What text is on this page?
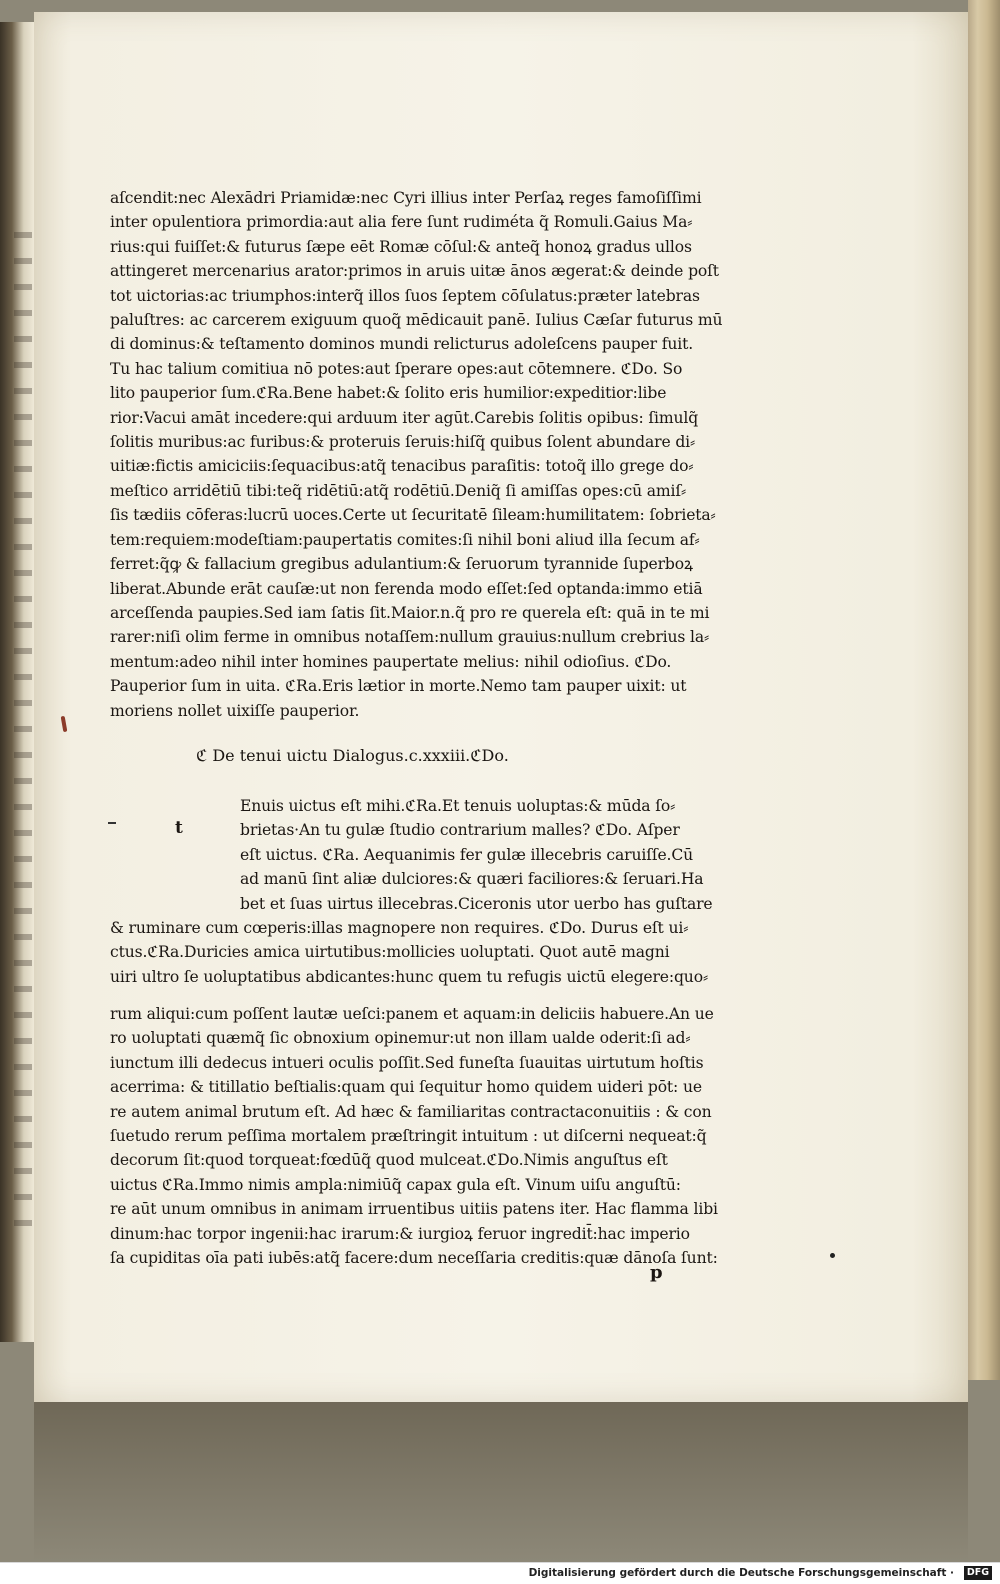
aſcendit:nec Alexādri Priamidæ:nec Cyri illius inter Perſaꝝ reges famoſiſſimi
inter opulentiora primordia:aut alia fere ſunt rudiméta q̃ Romuli.Gaius Ma⸗
rius:qui fuiſſet:& futurus ſæpe eēt Romæ cōſul:& anteq̃ honoꝝ gradus ullos
attingeret mercenarius arator:primos in aruis uitæ ānos ægerat:& deinde poſt
tot uictorias:ac triumphos:interq̃ illos ſuos ſeptem cōſulatus:præter latebras
paluſtres: ac carcerem exiguum quoq̃ mēdicauit panē. Iulius Cæſar futurus mū
di dominus:& teſtamento dominos mundi relicturus adoleſcens pauper fuit.
Tu hac talium comitiua nō potes:aut ſperare opes:aut cōtemnere. ℭDo. So
lito pauperior ſum.ℭRa.Bene habet:& ſolito eris humilior:expeditior:libe
rior:Vacui amāt incedere:qui arduum iter agūt.Carebis ſolitis opibus: ſimulq̃
ſolitis muribus:ac furibus:& proteruis ſeruis:hiſq̃ quibus ſolent abundare di⸗
uitiæ:fictis amiciciis:ſequacibus:atq̃ tenacibus paraſitis: totoq̃ illo grege do⸗
meſtico arridētiū tibi:teq̃ ridētiū:atq̃ rodētiū.Deniq̃ ſi amiſſas opes:cū amiſ⸗
ſis tædiis cōferas:lucrū uoces.Certe ut ſecuritatē ſileam:humilitatem: ſobrieta⸗
tem:requiem:modeſtiam:paupertatis comites:ſi nihil boni aliud illa ſecum af⸗
ferret:q̃ꝙ & fallacium gregibus adulantium:& ſeruorum tyrannide ſuperboꝝ
liberat.Abunde erāt cauſæ:ut non ferenda modo eſſet:ſed optanda:immo etiā
arceſſenda paupies.Sed iam ſatis ſit.Maior.n.q̃ pro re querela eſt: quā in te mi
rarer:niſi olim ferme in omnibus notaſſem:nullum grauius:nullum crebrius la⸗
mentum:adeo nihil inter homines paupertate melius: nihil odioſius. ℭDo.
Pauperior ſum in uita. ℭRa.Eris lætior in morte.Nemo tam pauper uixit: ut
moriens nollet uixiſſe pauperior.
ℭ De tenui uictu Dialogus.c.xxxiii.ℭDo.
t
Enuis uictus eſt mihi.ℭRa.Et tenuis uoluptas:& mūda ſo⸗
brietas·An tu gulæ ſtudio contrarium malles? ℭDo. Aſper
eſt uictus. ℭRa. Aequanimis fer gulæ illecebris caruiſſe.Cū
ad manū ſint aliæ dulciores:& quæri faciliores:& ſeruari.Ha
bet et ſuas uirtus illecebras.Ciceronis utor uerbo has guſtare
& ruminare cum cœperis:illas magnopere non requires. ℭDo. Durus eſt ui⸗
ctus.ℭRa.Duricies amica uirtutibus:mollicies uoluptati. Quot autē magni
uiri ultro ſe uoluptatibus abdicantes:hunc quem tu refugis uictū elegere:quo⸗
rum aliqui:cum poſſent lautæ ueſci:panem et aquam:in deliciis habuere.An ue
ro uoluptati quæmq̃ ſic obnoxium opinemur:ut non illam ualde oderit:ſi ad⸗
iunctum illi dedecus intueri oculis poſſit.Sed funeſta ſuauitas uirtutum hoſtis
acerrima: & titillatio beſtialis:quam qui ſequitur homo quidem uideri pōt: ue
re autem animal brutum eſt. Ad hæc & familiaritas contractaconuitiis : & con
ſuetudo rerum peſſima mortalem præſtringit intuitum : ut diſcerni nequeat:q̃
decorum ſit:quod torqueat:fœdūq̃ quod mulceat.ℭDo.Nimis anguſtus eſt
uictus ℭRa.Immo nimis ampla:nimiūq̃ capax gula eſt. Vinum uiſu anguſtū:
re aūt unum omnibus in animam irruentibus uitiis patens iter. Hac flamma libi
dinum:hac torpor ingenii:hac irarum:& iurgioꝝ feruor ingredit̄:hac imperio
ſa cupiditas oīa pati iubēs:atq̃ facere:dum neceſſaria creditis:quæ dānoſa ſunt:
p
Digitalisierung gefördert durch die Deutsche Forschungsgemeinschaft ·	DFG
